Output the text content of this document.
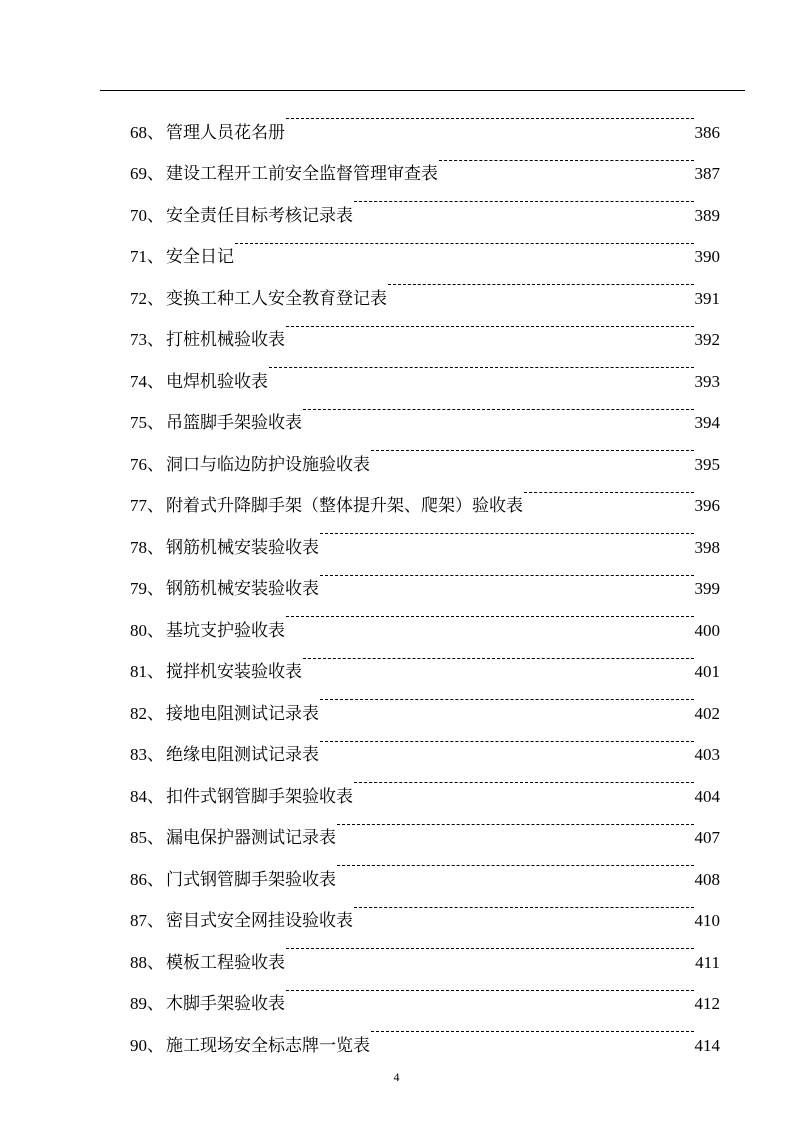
68 、 管理人员花名册	386
69 、 建设工程开工前安全监督管理审查表	387
70 、 安全责任目标考核记录表	389
71 、 安全日记	390
72 、 变换工种工人安全教育登记表	391
73 、 打桩机械验收表	392
74 、 电焊机验收表	393
75 、 吊篮脚手架验收表	394
76 、 洞口与临边防护设施验收表	395
77 、 附着式升降脚手架（整体提升架、爬架）验收表	396
78 、 钢筋机械安装验收表	398
79 、 钢筋机械安装验收表	399
80 、 基坑支护验收表	400
81 、 搅拌机安装验收表	401
82 、 接地电阻测试记录表	402
83 、 绝缘电阻测试记录表	403
84 、 扣件式钢管脚手架验收表	404
85 、 漏电保护器测试记录表	407
86 、 门式钢管脚手架验收表	408
87 、 密目式安全网挂设验收表	410
88 、 模板工程验收表	411
89 、 木脚手架验收表	412
90 、 施工现场安全标志牌一览表	414
4
